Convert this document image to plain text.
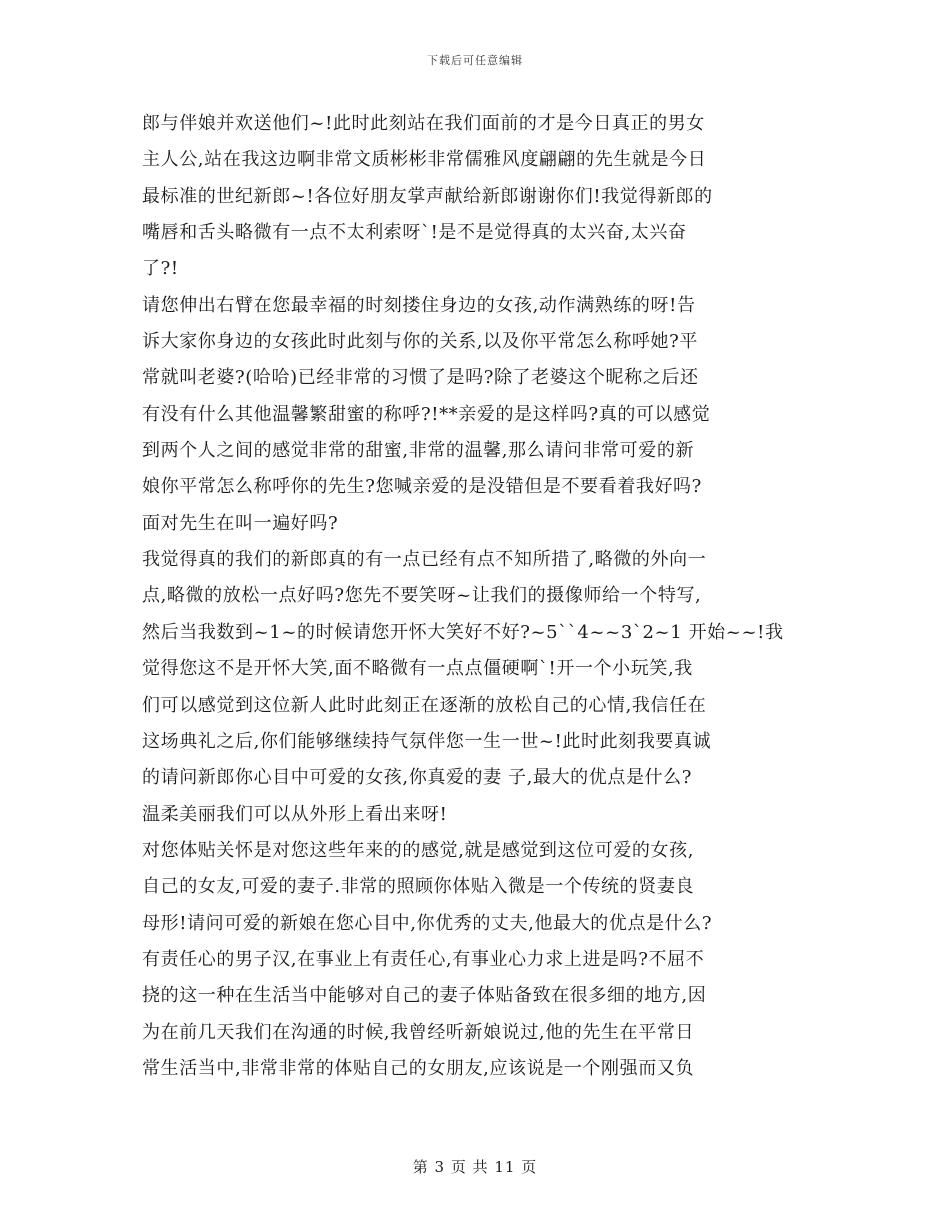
下载后可任意编辑
郎与伴娘并欢送他们~!此时此刻站在我们面前的才是今日真正的男女
主人公,站在我这边啊非常文质彬彬非常儒雅风度翩翩的先生就是今日
最标准的世纪新郎~!各位好朋友掌声献给新郎谢谢你们!我觉得新郎的
嘴唇和舌头略微有一点不太利索呀`!是不是觉得真的太兴奋,太兴奋
了?!
请您伸出右臂在您最幸福的时刻搂住身边的女孩,动作满熟练的呀!告
诉大家你身边的女孩此时此刻与你的关系,以及你平常怎么称呼她?平
常就叫老婆?(哈哈)已经非常的习惯了是吗?除了老婆这个昵称之后还
有没有什么其他温馨繁甜蜜的称呼?!**亲爱的是这样吗?真的可以感觉
到两个人之间的感觉非常的甜蜜,非常的温馨,那么请问非常可爱的新
娘你平常怎么称呼你的先生?您喊亲爱的是没错但是不要看着我好吗?
面对先生在叫一遍好吗?
我觉得真的我们的新郎真的有一点已经有点不知所措了,略微的外向一
点,略微的放松一点好吗?您先不要笑呀~让我们的摄像师给一个特写,
然后当我数到~1~的时候请您开怀大笑好不好?~5``4~~3`2~1 开始~~!我
觉得您这不是开怀大笑,面不略微有一点点僵硬啊`!开一个小玩笑,我
们可以感觉到这位新人此时此刻正在逐渐的放松自己的心情,我信任在
这场典礼之后,你们能够继续持气氛伴您一生一世~!此时此刻我要真诚
的请问新郎你心目中可爱的女孩,你真爱的妻 子,最大的优点是什么?
温柔美丽我们可以从外形上看出来呀!
对您体贴关怀是对您这些年来的的感觉,就是感觉到这位可爱的女孩,
自己的女友,可爱的妻子.非常的照顾你体贴入微是一个传统的贤妻良
母形!请问可爱的新娘在您心目中,你优秀的丈夫,他最大的优点是什么?
有责任心的男子汉,在事业上有责任心,有事业心力求上进是吗?不屈不
挠的这一种在生活当中能够对自己的妻子体贴备致在很多细的地方,因
为在前几天我们在沟通的时候,我曾经听新娘说过,他的先生在平常日
常生活当中,非常非常的体贴自己的女朋友,应该说是一个刚强而又负
第 3 页 共 11 页
